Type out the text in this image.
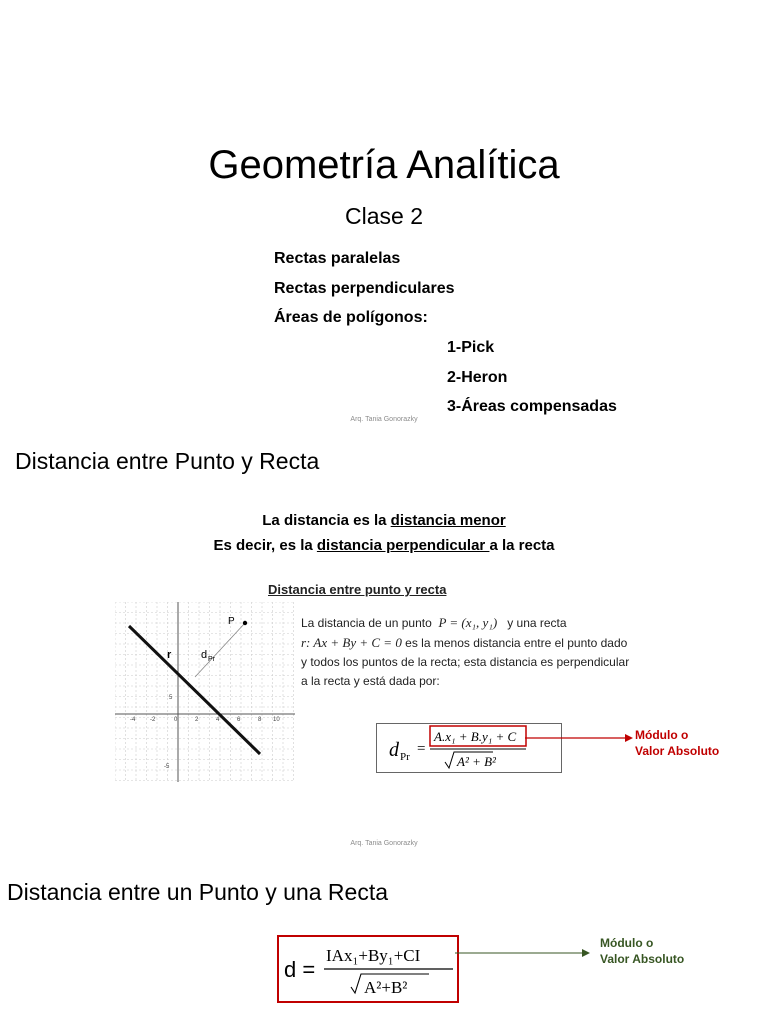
Geometría Analítica
Clase 2
Rectas paralelas
Rectas perpendiculares
Áreas de polígonos:
1-Pick
2-Heron
3-Áreas compensadas
Arq. Tania Gonorazky
Distancia entre Punto y Recta
La distancia es la distancia menor
Es decir, es la distancia perpendicular a la recta
Distancia entre punto y recta
P
r	d Pr
-4 -2	0	2	4	6	8 10
5
-5
La distancia de un punto P = (x₁, y₁) y una recta
r: Ax + By + C = 0 es la menos distancia entre el punto dado y todos los puntos de la recta; esta distancia es perpendicular a la recta y está dada por:
d Pr =
A.x₁ + B.y₁ + C
A² + B²
Módulo o
Valor Absoluto
Arq. Tania Gonorazky
Distancia entre un Punto y una Recta
d =
IAx₁+By₁+CI
A²+B²
Módulo o
Valor Absoluto
